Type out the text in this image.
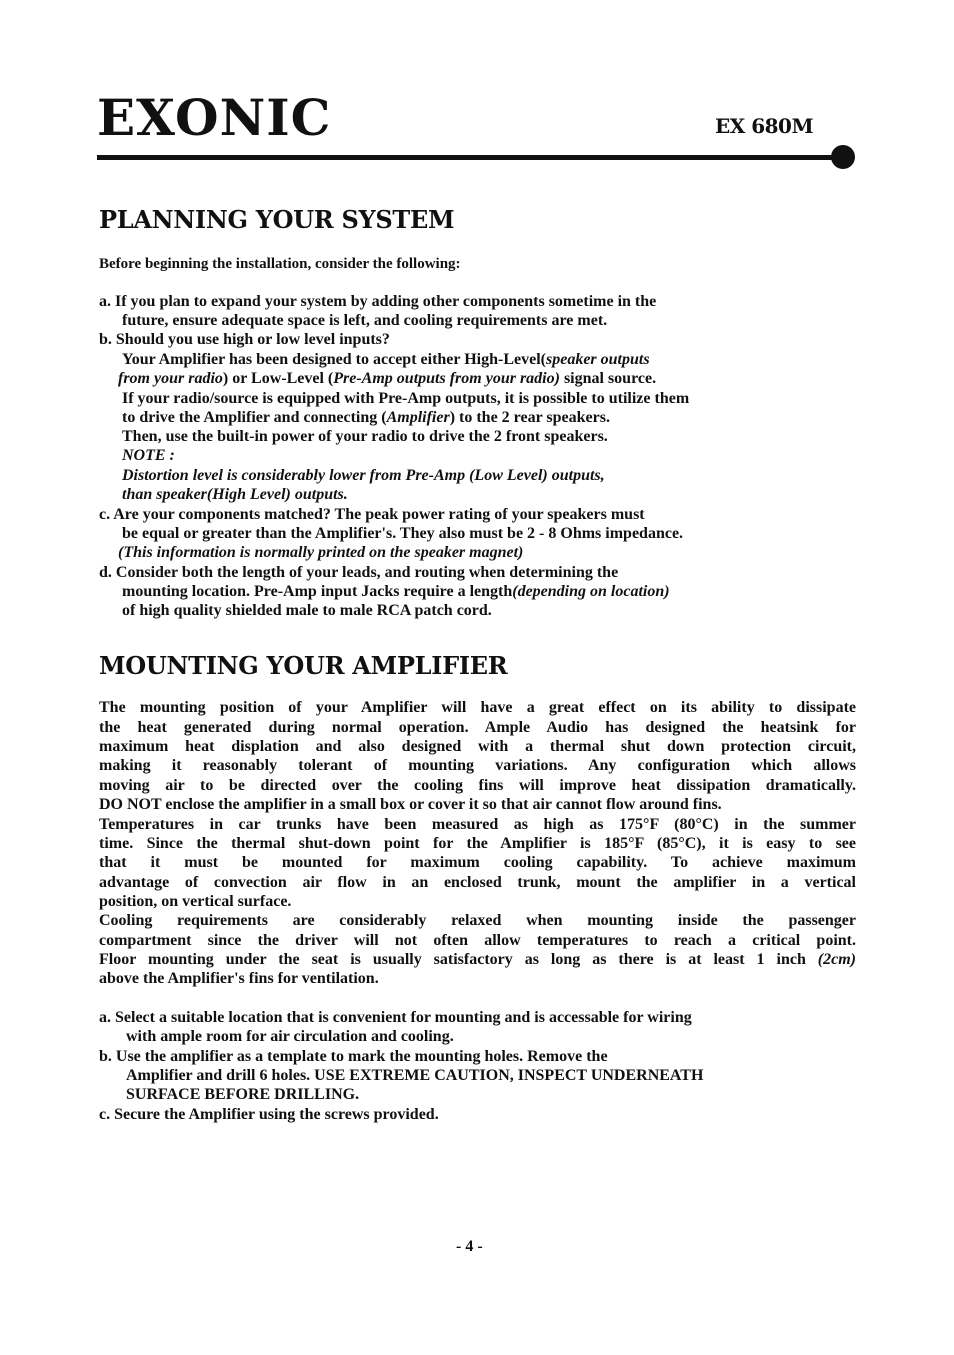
EXONIC	EX 680M
PLANNING YOUR SYSTEM

Before beginning the installation, consider the following:

a. If you plan to expand your system by adding other components sometime in the
future, ensure adequate space is left, and cooling requirements are met.
b. Should you use high or low level inputs?
Your Amplifier has been designed to accept either High-Level(speaker outputs
from your radio) or Low-Level (Pre-Amp outputs from your radio) signal source.
If your radio/source is equipped with Pre-Amp outputs, it is possible to utilize them
to drive the Amplifier and connecting (Amplifier) to the 2 rear speakers.
Then, use the built-in power of your radio to drive the 2 front speakers.
NOTE :
Distortion level is considerably lower from Pre-Amp (Low Level) outputs,
than speaker(High Level) outputs.
c. Are your components matched? The peak power rating of your speakers must
be equal or greater than the Amplifier's. They also must be 2 - 8 Ohms impedance.
(This information is normally printed on the speaker magnet)
d. Consider both the length of your leads, and routing when determining the
mounting location. Pre-Amp input Jacks require a length(depending on location)
of high quality shielded male to male RCA patch cord.
MOUNTING YOUR AMPLIFIER
The mounting position of your Amplifier will have a great effect on its ability to dissipate
the heat generated during normal operation. Ample Audio has designed the heatsink for
maximum heat displation and also designed with a thermal shut down protection circuit,
making it reasonably tolerant of mounting variations. Any configuration which allows
moving air to be directed over the cooling fins will improve heat dissipation dramatically.
DO NOT enclose the amplifier in a small box or cover it so that air cannot flow around fins.
Temperatures in car trunks have been measured as high as 175°F (80°C) in the summer
time. Since the thermal shut-down point for the Amplifier is 185°F (85°C), it is easy to see
that it must be mounted for maximum cooling capability. To achieve maximum
advantage of convection air flow in an enclosed trunk, mount the amplifier in a vertical
position, on vertical surface.
Cooling requirements are considerably relaxed when mounting inside the passenger
compartment since the driver will not often allow temperatures to reach a critical point.
Floor mounting under the seat is usually satisfactory as long as there is at least 1 inch (2cm)
above the Amplifier's fins for ventilation.
a. Select a suitable location that is convenient for mounting and is accessable for wiring
with ample room for air circulation and cooling.
b. Use the amplifier as a template to mark the mounting holes. Remove the
Amplifier and drill 6 holes. USE EXTREME CAUTION, INSPECT UNDERNEATH
SURFACE BEFORE DRILLING.
c. Secure the Amplifier using the screws provided.
- 4 -
